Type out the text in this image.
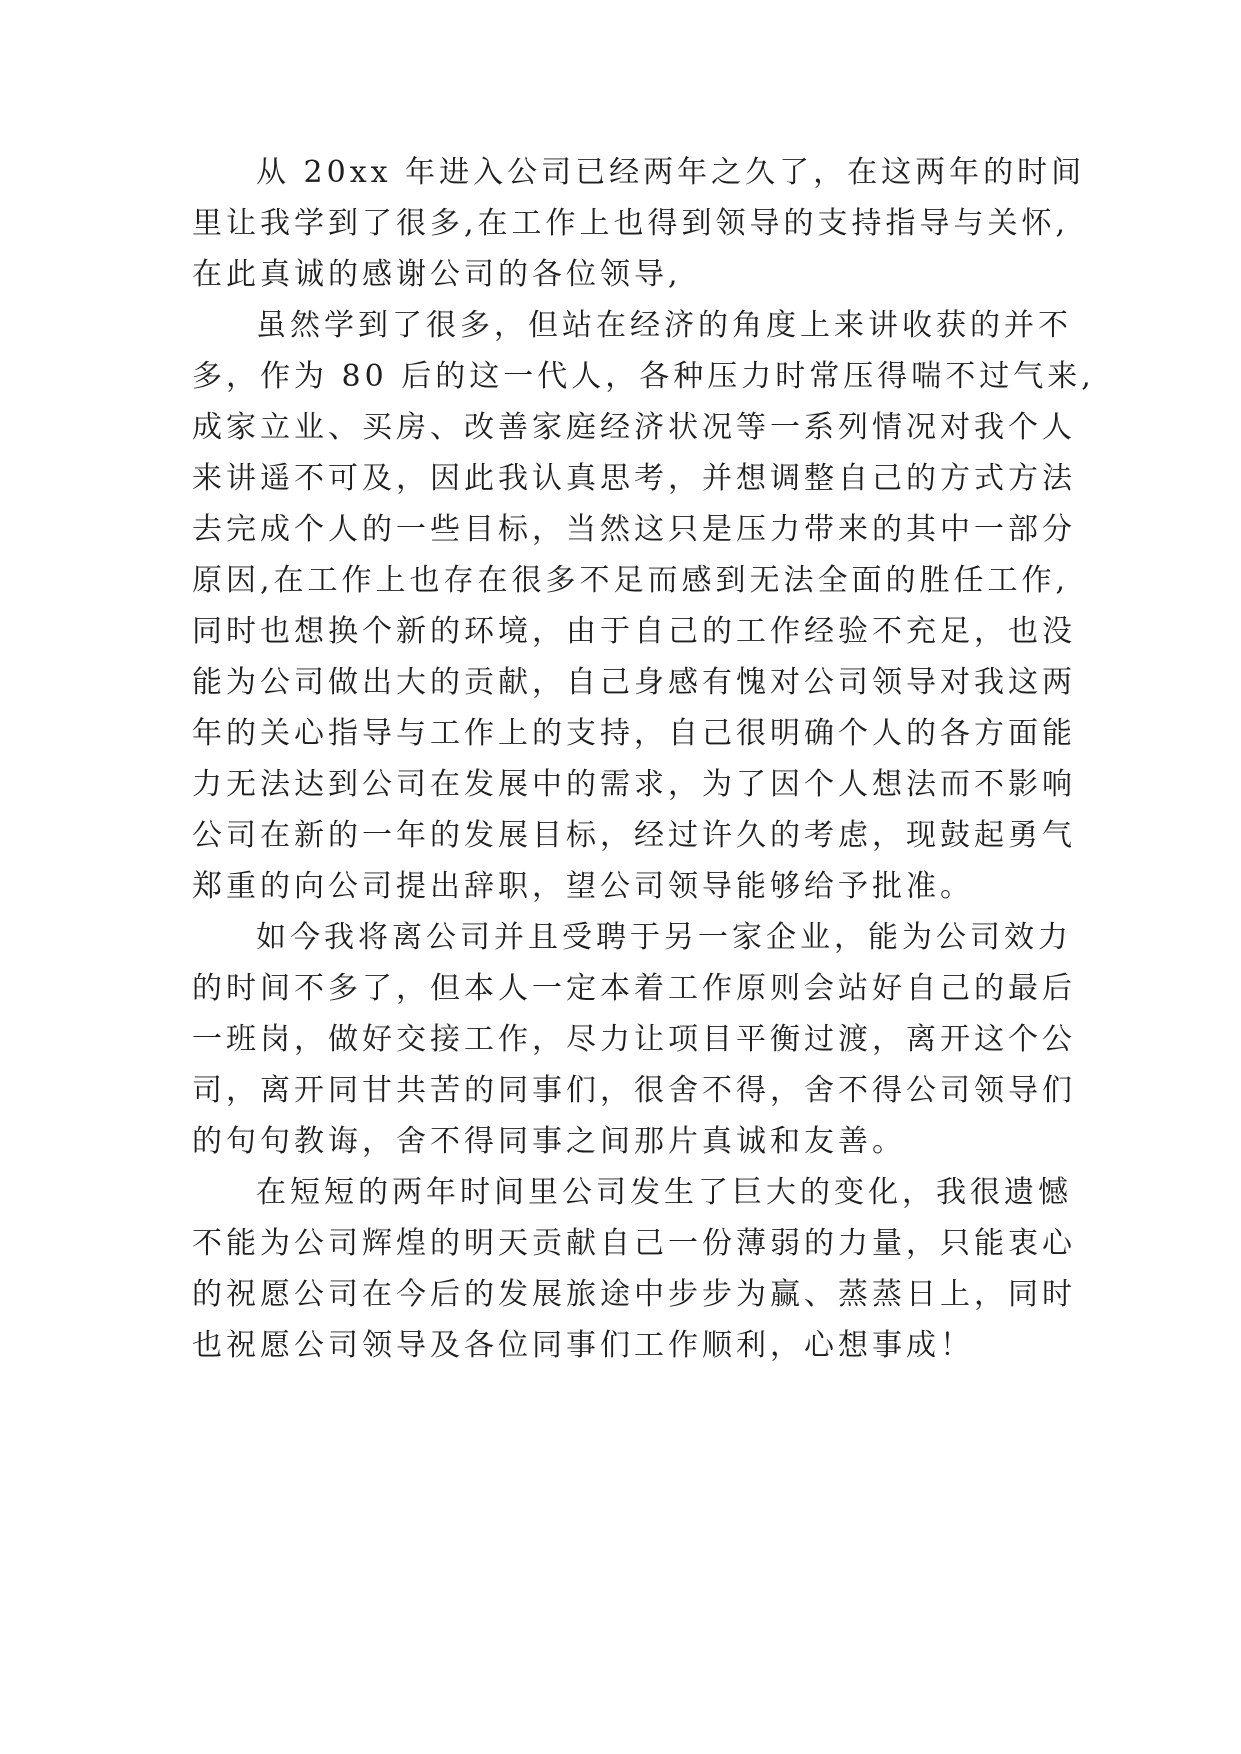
从 20xx 年进入公司已经两年之久了，在这两年的时间
里让我学到了很多,在工作上也得到领导的支持指导与关怀,
在此真诚的感谢公司的各位领导,
虽然学到了很多，但站在经济的角度上来讲收获的并不
多，作为 80 后的这一代人，各种压力时常压得喘不过气来,
成家立业、买房、改善家庭经济状况等一系列情况对我个人
来讲遥不可及，因此我认真思考，并想调整自己的方式方法
去完成个人的一些目标，当然这只是压力带来的其中一部分
原因,在工作上也存在很多不足而感到无法全面的胜任工作,
同时也想换个新的环境，由于自己的工作经验不充足，也没
能为公司做出大的贡献，自己身感有愧对公司领导对我这两
年的关心指导与工作上的支持，自己很明确个人的各方面能
力无法达到公司在发展中的需求，为了因个人想法而不影响
公司在新的一年的发展目标，经过许久的考虑，现鼓起勇气
郑重的向公司提出辞职，望公司领导能够给予批准。
如今我将离公司并且受聘于另一家企业，能为公司效力
的时间不多了，但本人一定本着工作原则会站好自己的最后
一班岗，做好交接工作，尽力让项目平衡过渡，离开这个公
司，离开同甘共苦的同事们，很舍不得，舍不得公司领导们
的句句教诲，舍不得同事之间那片真诚和友善。
在短短的两年时间里公司发生了巨大的变化，我很遗憾
不能为公司辉煌的明天贡献自己一份薄弱的力量，只能衷心
的祝愿公司在今后的发展旅途中步步为赢、蒸蒸日上，同时
也祝愿公司领导及各位同事们工作顺利，心想事成！
